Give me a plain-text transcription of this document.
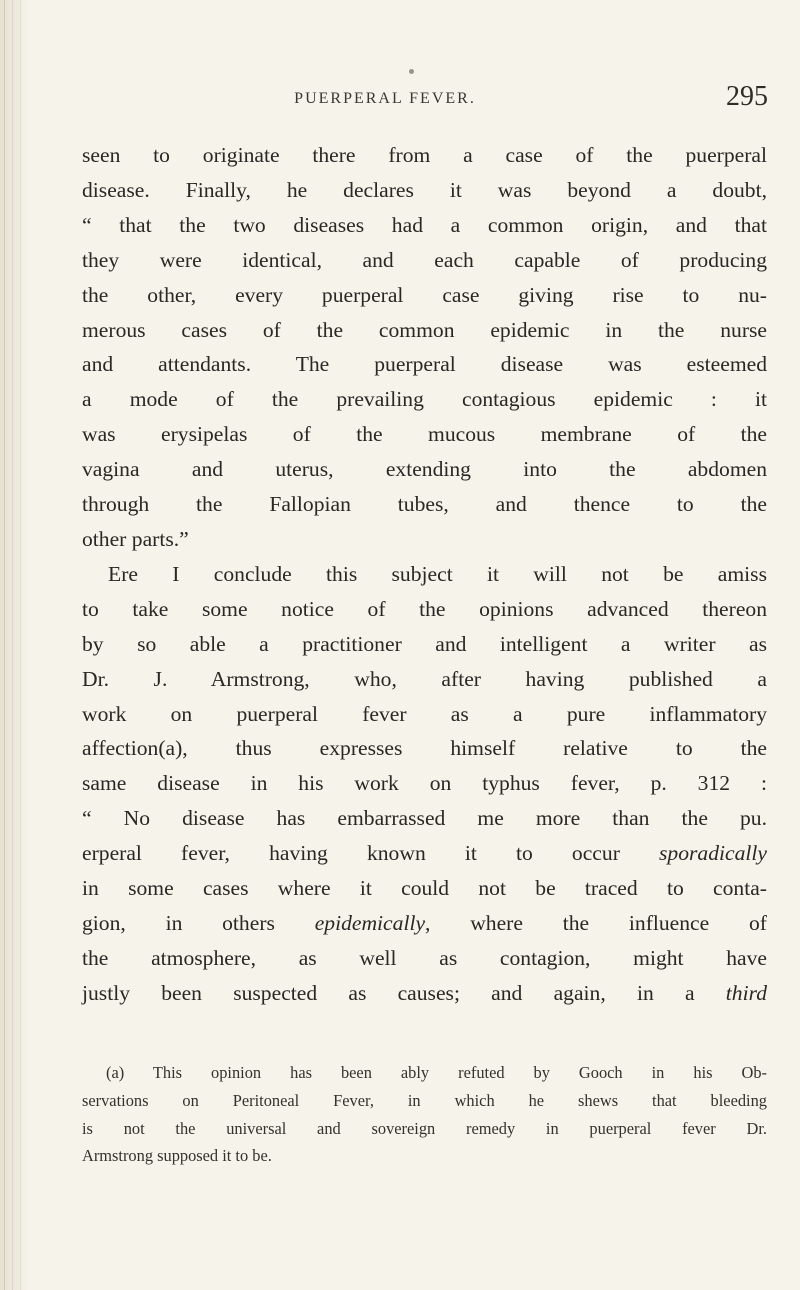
PUERPERAL FEVER.	295
seen to originate there from a case of the puerperal
disease. Finally, he declares it was beyond a doubt,
“ that the two diseases had a common origin, and that
they were identical, and each capable of producing
the other, every puerperal case giving rise to nu-
merous cases of the common epidemic in the nurse
and attendants. The puerperal disease was esteemed
a mode of the prevailing contagious epidemic : it
was erysipelas of the mucous membrane of the
vagina and uterus, extending into the abdomen
through the Fallopian tubes, and thence to the
other parts.”
Ere I conclude this subject it will not be amiss
to take some notice of the opinions advanced thereon
by so able a practitioner and intelligent a writer as
Dr. J. Armstrong, who, after having published a
work on puerperal fever as a pure inflammatory
affection(a), thus expresses himself relative to the
same disease in his work on typhus fever, p. 312 :
“ No disease has embarrassed me more than the pu.
erperal fever, having known it to occur sporadically
in some cases where it could not be traced to conta-
gion, in others epidemically, where the influence of
the atmosphere, as well as contagion, might have
justly been suspected as causes; and again, in a third
(a) This opinion has been ably refuted by Gooch in his Ob-
servations on Peritoneal Fever, in which he shews that bleeding
is not the universal and sovereign remedy in puerperal fever Dr.
Armstrong supposed it to be.
